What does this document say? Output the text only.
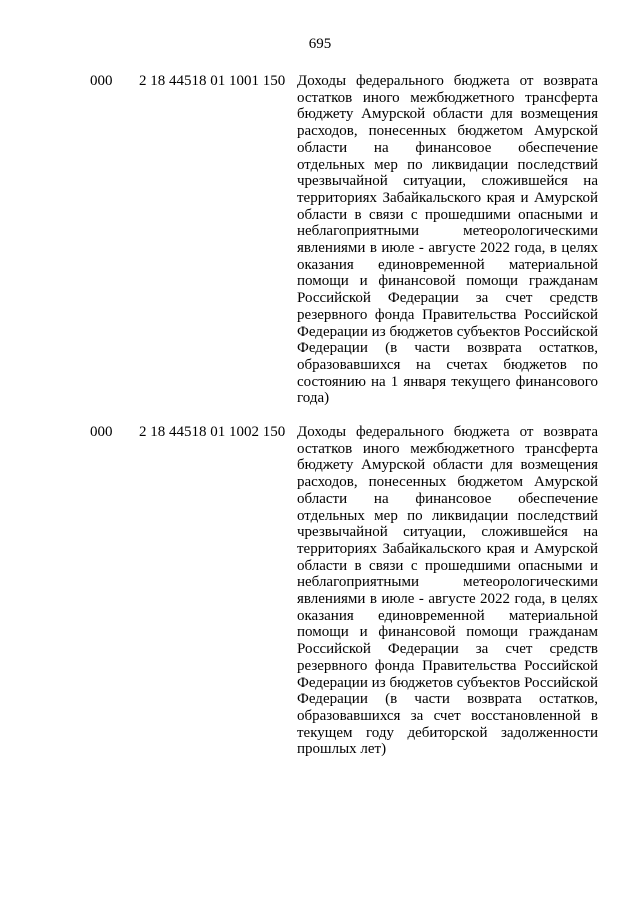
695
000 2 18 44518 01 1001 150 Доходы федерального бюджета от возврата остатков иного межбюджетного трансферта бюджету Амурской области для возмещения расходов, понесенных бюджетом Амурской области на финансовое обеспечение отдельных мер по ликвидации последствий чрезвычайной ситуации, сложившейся на территориях Забайкальского края и Амурской области в связи с прошедшими опасными и неблагоприятными метеорологическими явлениями в июле - августе 2022 года, в целях оказания единовременной материальной помощи и финансовой помощи гражданам Российской Федерации за счет средств резервного фонда Правительства Российской Федерации из бюджетов субъектов Российской Федерации (в части возврата остатков, образовавшихся на счетах бюджетов по состоянию на 1 января текущего финансового года)
000 2 18 44518 01 1002 150 Доходы федерального бюджета от возврата остатков иного межбюджетного трансферта бюджету Амурской области для возмещения расходов, понесенных бюджетом Амурской области на финансовое обеспечение отдельных мер по ликвидации последствий чрезвычайной ситуации, сложившейся на территориях Забайкальского края и Амурской области в связи с прошедшими опасными и неблагоприятными метеорологическими явлениями в июле - августе 2022 года, в целях оказания единовременной материальной помощи и финансовой помощи гражданам Российской Федерации за счет средств резервного фонда Правительства Российской Федерации из бюджетов субъектов Российской Федерации (в части возврата остатков, образовавшихся за счет восстановленной в текущем году дебиторской задолженности прошлых лет)
